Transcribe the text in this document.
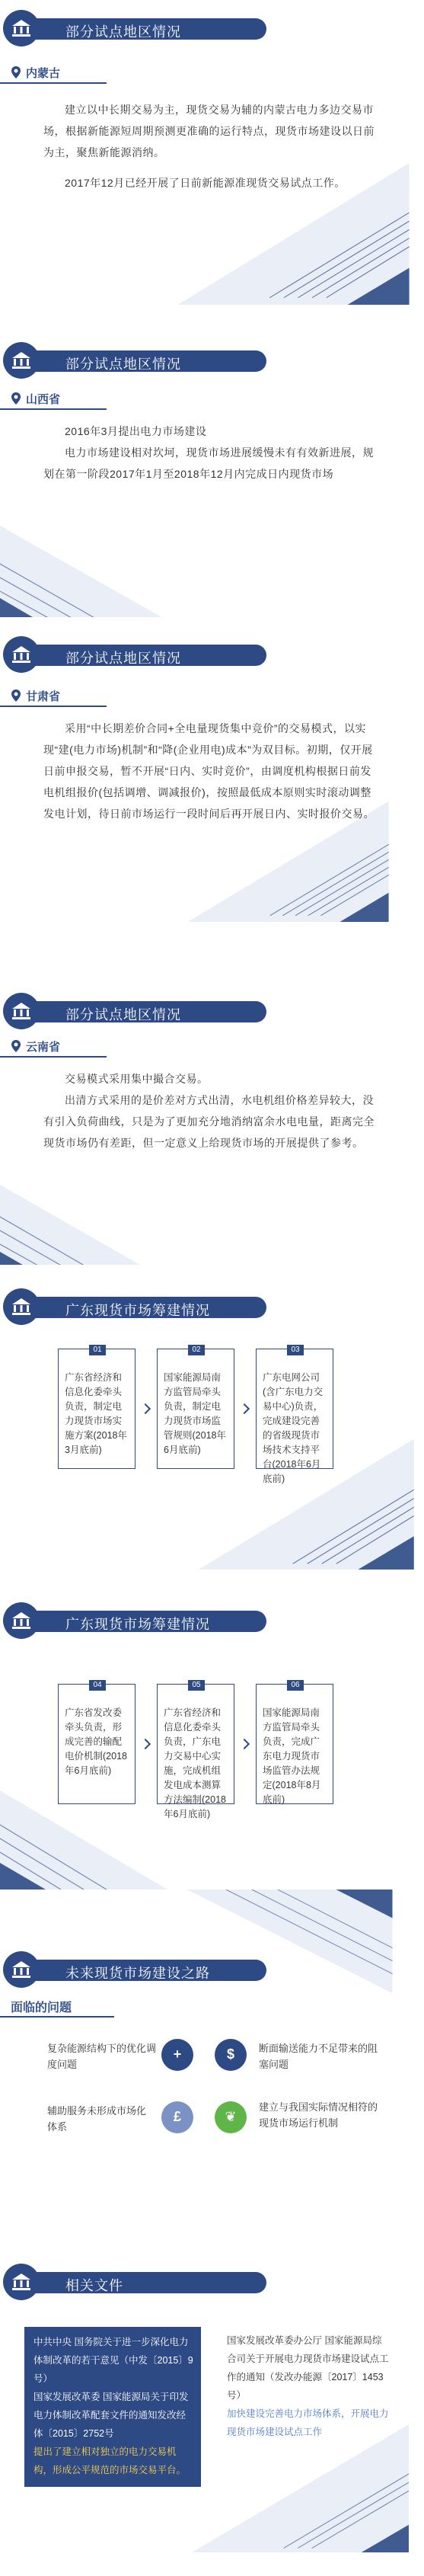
部分试点地区情况
内蒙古

建立以中长期交易为主，现货交易为辅的内蒙古电力多边交易市场，根据新能源短周期预测更准确的运行特点，现货市场建设以日前为主，聚焦新能源消纳。

2017年12月已经开展了日前新能源准现货交易试点工作。

部分试点地区情况
山西省

2016年3月提出电力市场建设

电力市场建设相对坎坷，现货市场进展缓慢未有有效新进展，规划在第一阶段2017年1月至2018年12月内完成日内现货市场

部分试点地区情况
甘肃省

采用“中长期差价合同+全电量现货集中竞价”的交易模式，以实现“建(电力市场)机制”和“降(企业用电)成本”为双目标。初期，仅开展日前申报交易，暂不开展“日内、实时竞价”，由调度机构根据日前发电机组报价(包括调增、调减报价)，按照最低成本原则实时滚动调整发电计划，待日前市场运行一段时间后再开展日内、实时报价交易。

部分试点地区情况
云南省

交易模式采用集中撮合交易。

出清方式采用的是价差对方式出清，水电机组价格差异较大，没有引入负荷曲线，只是为了更加充分地消纳富余水电电量，距离完全现货市场仍有差距，但一定意义上给现货市场的开展提供了参考。

广东现货市场筹建情况
01
广东省经济和信息化委牵头负责，制定电力现货市场实施方案(2018年3月底前)
02
国家能源局南方监管局牵头负责，制定电力现货市场监管规则(2018年6月底前)
03
广东电网公司(含广东电力交易中心)负责，完成建设完善的省级现货市场技术支持平台(2018年6月底前)
广东现货市场筹建情况
04
广东省发改委牵头负责，形成完善的输配电价机制(2018年6月底前)
05
广东省经济和信息化委牵头负责，广东电力交易中心实施，完成机组发电成本测算方法编制(2018年6月底前)
06
国家能源局南方监管局牵头负责，完成广东电力现货市场监管办法规定(2018年8月底前)
未来现货市场建设之路
面临的问题
复杂能源结构下的优化调度问题
+	$	断面输送能力不足带来的阻塞问题
辅助服务未形成市场化体系
£	❦
建立与我国实际情况相符的现货市场运行机制
相关文件
中共中央 国务院关于进一步深化电力体制改革的若干意见（中发〔2015〕9号）
国家发展改革委 国家能源局关于印发电力体制改革配套文件的通知发改经体〔2015〕2752号
提出了建立相对独立的电力交易机构，形成公平规范的市场交易平台。
国家发展改革委办公厅 国家能源局综合司关于开展电力现货市场建设试点工作的通知（发改办能源〔2017〕1453号）
加快建设完善电力市场体系，开展电力现货市场建设试点工作
